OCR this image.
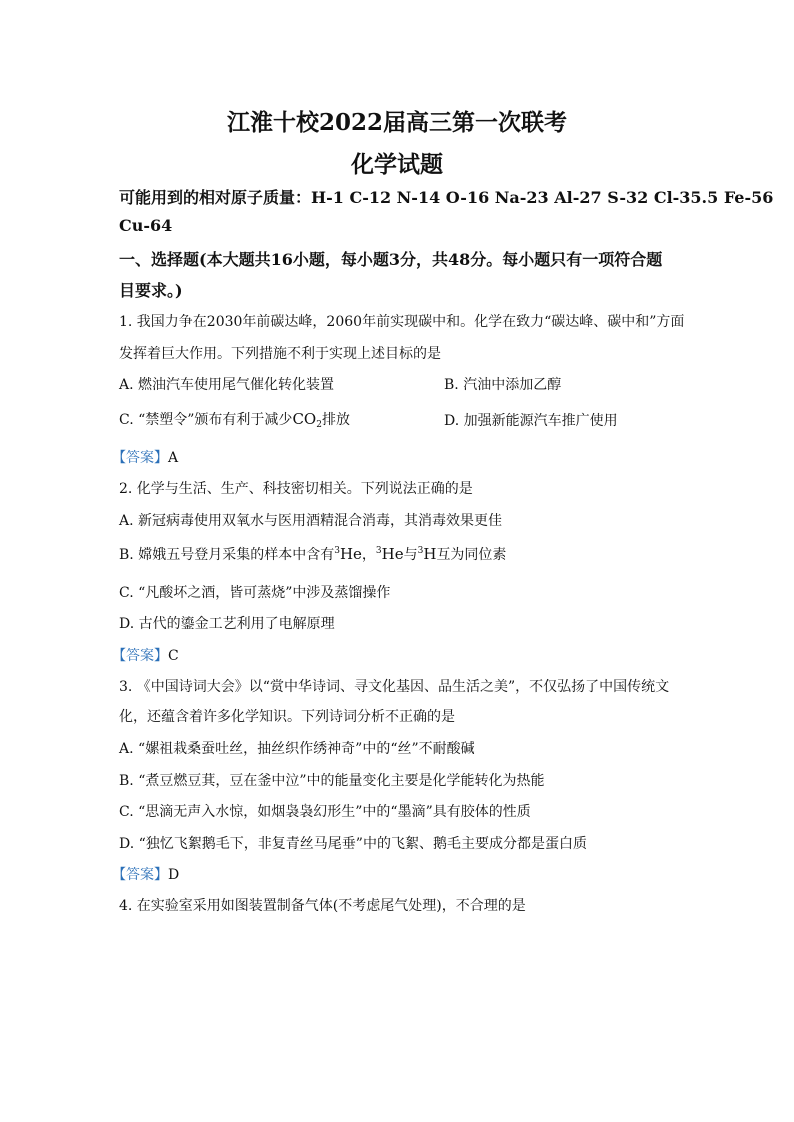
江淮十校2022届高三第一次联考
化学试题
可能用到的相对原子质量：H-1 C-12 N-14 O-16 Na-23 Al-27 S-32 Cl-35.5 Fe-56
Cu-64
一、选择题(本大题共16小题，每小题3分，共48分。每小题只有一项符合题
目要求。)
1. 我国力争在2030年前碳达峰，2060年前实现碳中和。化学在致力“碳达峰、碳中和”方面
发挥着巨大作用。下列措施不利于实现上述目标的是
A. 燃油汽车使用尾气催化转化装置	B. 汽油中添加乙醇
C. “禁塑令”颁布有利于减少$CO_2$排放	D. 加强新能源汽车推广使用
【答案】A
2. 化学与生活、生产、科技密切相关。下列说法正确的是
A. 新冠病毒使用双氧水与医用酒精混合消毒，其消毒效果更佳
B. 嫦娥五号登月采集的样本中含有$^3$He，$^3$He与$^3$H互为同位素
C. “凡酸坏之酒，皆可蒸烧”中涉及蒸馏操作
D. 古代的鎏金工艺利用了电解原理
【答案】C
3. 《中国诗词大会》以“赏中华诗词、寻文化基因、品生活之美”，不仅弘扬了中国传统文
化，还蕴含着许多化学知识。下列诗词分析不正确的是
A. “嫘祖栽桑蚕吐丝，抽丝织作绣神奇”中的“丝”不耐酸碱
B. “煮豆燃豆萁，豆在釜中泣”中的能量变化主要是化学能转化为热能
C. “思滴无声入水惊，如烟袅袅幻形生”中的“墨滴”具有胶体的性质
D. “独忆飞絮鹅毛下，非复青丝马尾垂”中的飞絮、鹅毛主要成分都是蛋白质
【答案】D
4. 在实验室采用如图装置制备气体(不考虑尾气处理)，不合理的是
